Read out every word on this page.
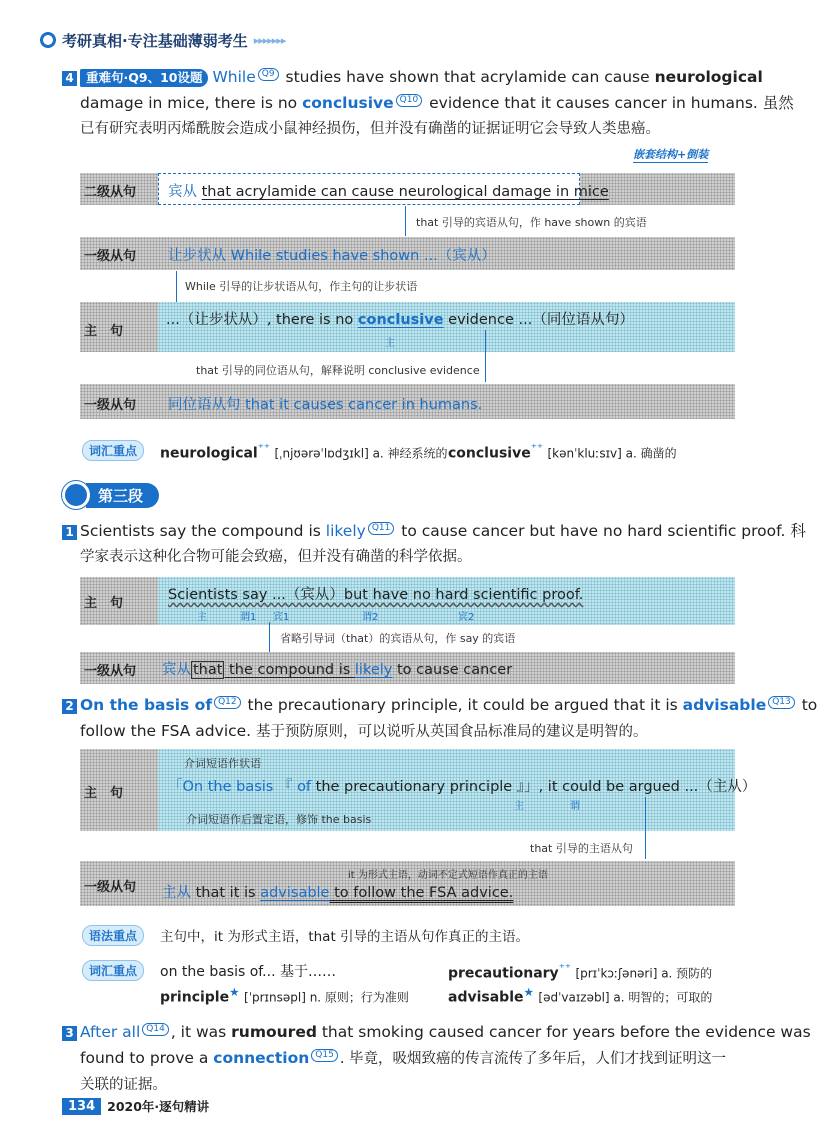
考研真相·专注基础薄弱考生 ▸▸▸▸▸▸▸
4 重难句·Q9、10设题 While Q9 studies have shown that acrylamide can cause neurological
damage in mice, there is no conclusive Q10 evidence that it causes cancer in humans. 虽然
已有研究表明丙烯酰胺会造成小鼠神经损伤，但并没有确凿的证据证明它会导致人类患癌。
嵌套结构+倒装
二级从句 宾从 that acrylamide can cause neurological damage in mice
that 引导的宾语从句，作 have shown 的宾语
一级从句 让步状从 While studies have shown ...（宾从）
While 引导的让步状语从句，作主句的让步状语
主　句
...（让步状从）, there is no conclusive evidence ...（同位语从句）
主
that 引导的同位语从句，解释说明 conclusive evidence
一级从句 同位语从句 that it causes cancer in humans.
词汇重点	neurological⁺⁺ [ˌnjʊərəˈlɒdʒɪkl] a. 神经系统的 conclusive⁺⁺ [kənˈkluːsɪv] a. 确凿的
第三段
1 Scientists say the compound is likely Q11 to cause cancer but have no hard scientific proof. 科
学家表示这种化合物可能会致癌，但并没有确凿的科学依据。
主　句
Scientists say ...（宾从）but have no hard scientific proof.
主	谓1 宾1	谓2	宾2
省略引导词（that）的宾语从句，作 say 的宾语
一级从句 宾从 that the compound is likely to cause cancer
2 On the basis of Q12 the precautionary principle, it could be argued that it is advisable Q13 to
follow the FSA advice. 基于预防原则，可以说听从英国食品标准局的建议是明智的。
主　句
介词短语作状语
「On the basis 『 of the precautionary principle 』」, it could be argued ...（主从）
主	谓
介词短语作后置定语，修饰 the basis
that 引导的主语从句
一级从句
it 为形式主语，动词不定式短语作真正的主语
主从 that it is advisable to follow the FSA advice.
语法重点	主句中，it 为形式主语，that 引导的主语从句作真正的主语。
词汇重点	on the basis of... 基于……	precautionary⁺⁺ [prɪˈkɔːʃənəri] a. 预防的
principle★ [ˈprɪnsəpl] n. 原则；行为准则	advisable★ [ədˈvaɪzəbl] a. 明智的；可取的
3 After all Q14 , it was rumoured that smoking caused cancer for years before the evidence was
found to prove a connection Q15 . 毕竟，吸烟致癌的传言流传了多年后，人们才找到证明这一
关联的证据。
134 2020年·逐句精讲
